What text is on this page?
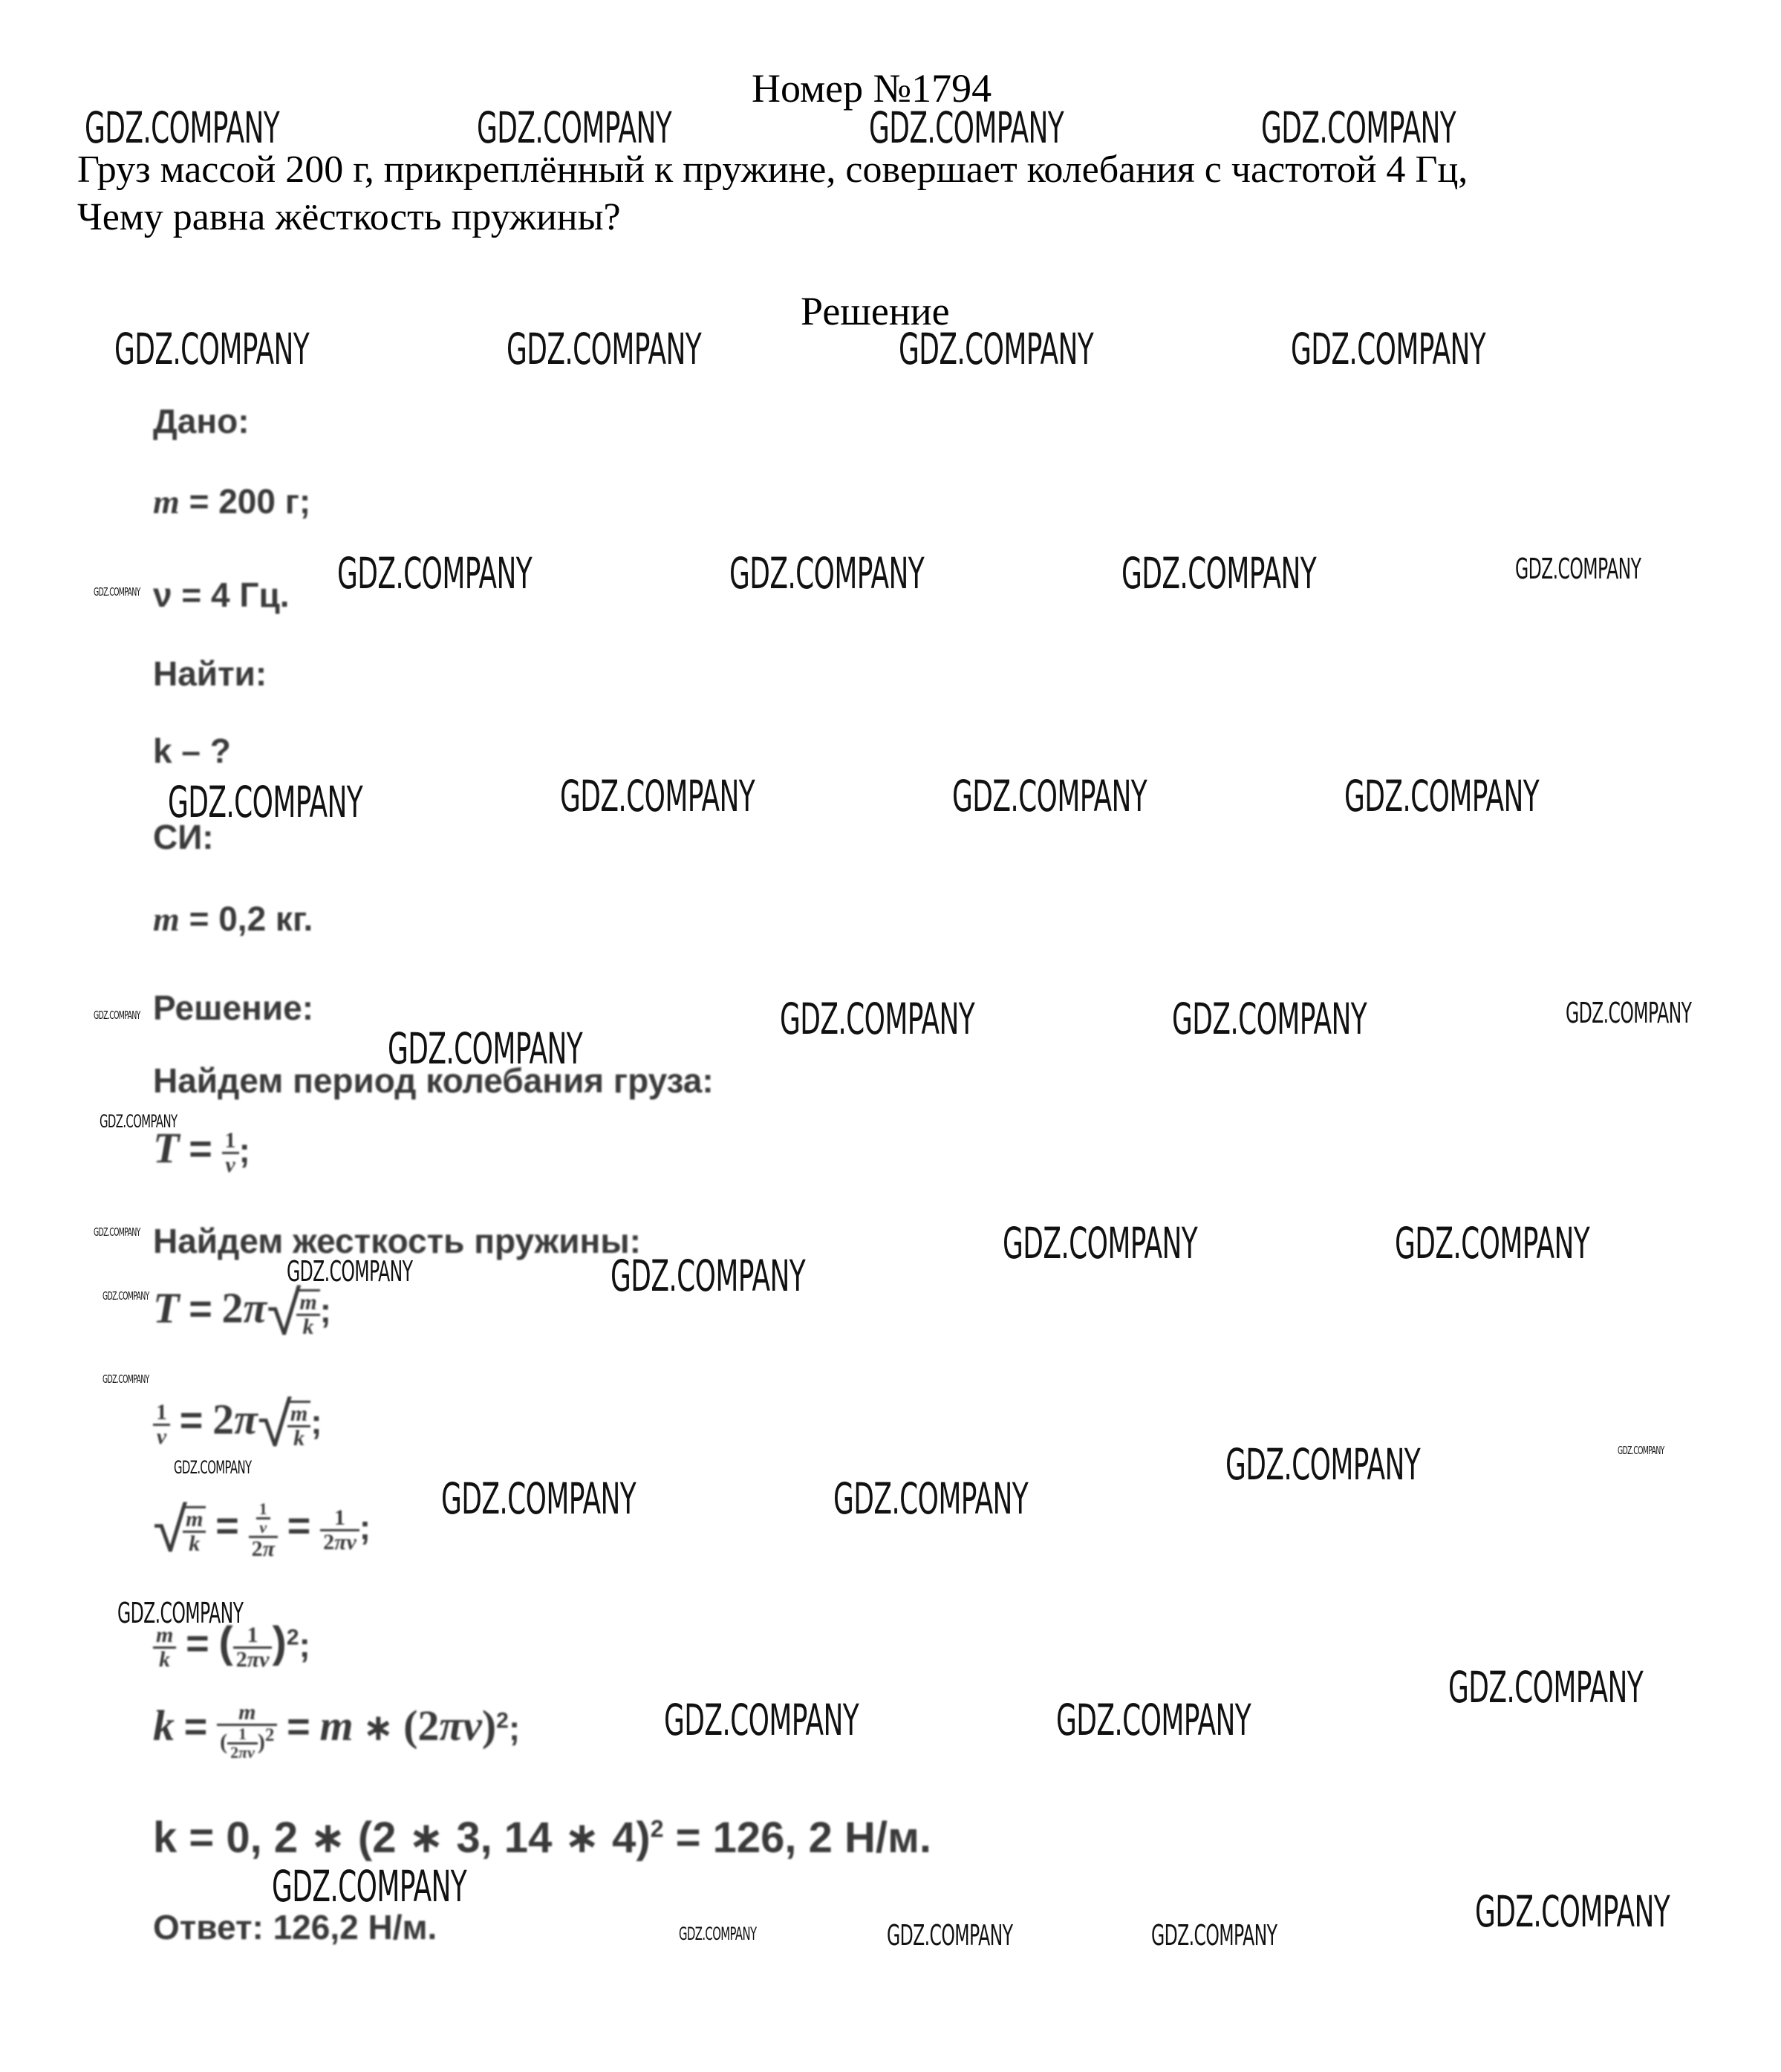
Номер №1794
Груз массой 200 г, прикреплённый к пружине, совершает колебания с частотой 4 Гц,
Чему равна жёсткость пружины?
Решение
Дано:
m = 200 г;
ν = 4 Гц.
Найти:
k – ?
СИ:
m = 0,2 кг.
Решение:
Найдем период колебания груза:
$T = \frac{1}{\nu}$ ;
Найдем жесткость пружины:
T = 2π√
$\frac{m}{k}$ ;
$\frac{1}{\nu} = 2\pi√$
$\frac{m}{k}$ ;
√
$\frac{m}{k} = \frac{\frac{1}{\nu}}{2\pi} = \frac{1}{2\pi\nu}$ ;
$\frac{m}{k}$ = ( $\frac{1}{2\pi\nu} )^2$;
$k = \frac{m}{( \frac{1}{2\pi\nu} )^2} = m$ ∗ $(2\pi\nu)^2$;
k = 0, 2 ∗ (2 ∗ 3, 14 ∗ 4)$^2$ = 126, 2 Н/м.
Ответ: 126,2 Н/м.
GDZ.COMPANY	GDZ.COMPANY	GDZ.COMPANY	GDZ.COMPANY
GDZ.COMPANY	GDZ.COMPANY	GDZ.COMPANY	GDZ.COMPANY
GDZ.COMPANY	GDZ.COMPANY	GDZ.COMPANY	GDZ.COMPANY
GDZ.COMPANY
GDZ.COMPANY	GDZ.COMPANY	GDZ.COMPANY	GDZ.COMPANY
GDZ.COMPANY
GDZ.COMPANY	GDZ.COMPANY	GDZ.COMPANY
GDZ.COMPANY
GDZ.COMPANY
GDZ.COMPANY	GDZ.COMPANY	GDZ.COMPANY
GDZ.COMPANY	GDZ.COMPANY
GDZ.COMPANY
GDZ.COMPANY
GDZ.COMPANY	GDZ.COMPANY
GDZ.COMPANY
GDZ.COMPANY	GDZ.COMPANY
GDZ.COMPANY
GDZ.COMPANY
GDZ.COMPANY	GDZ.COMPANY
GDZ.COMPANY	GDZ.COMPANY
GDZ.COMPANY	GDZ.COMPANY	GDZ.COMPANY
